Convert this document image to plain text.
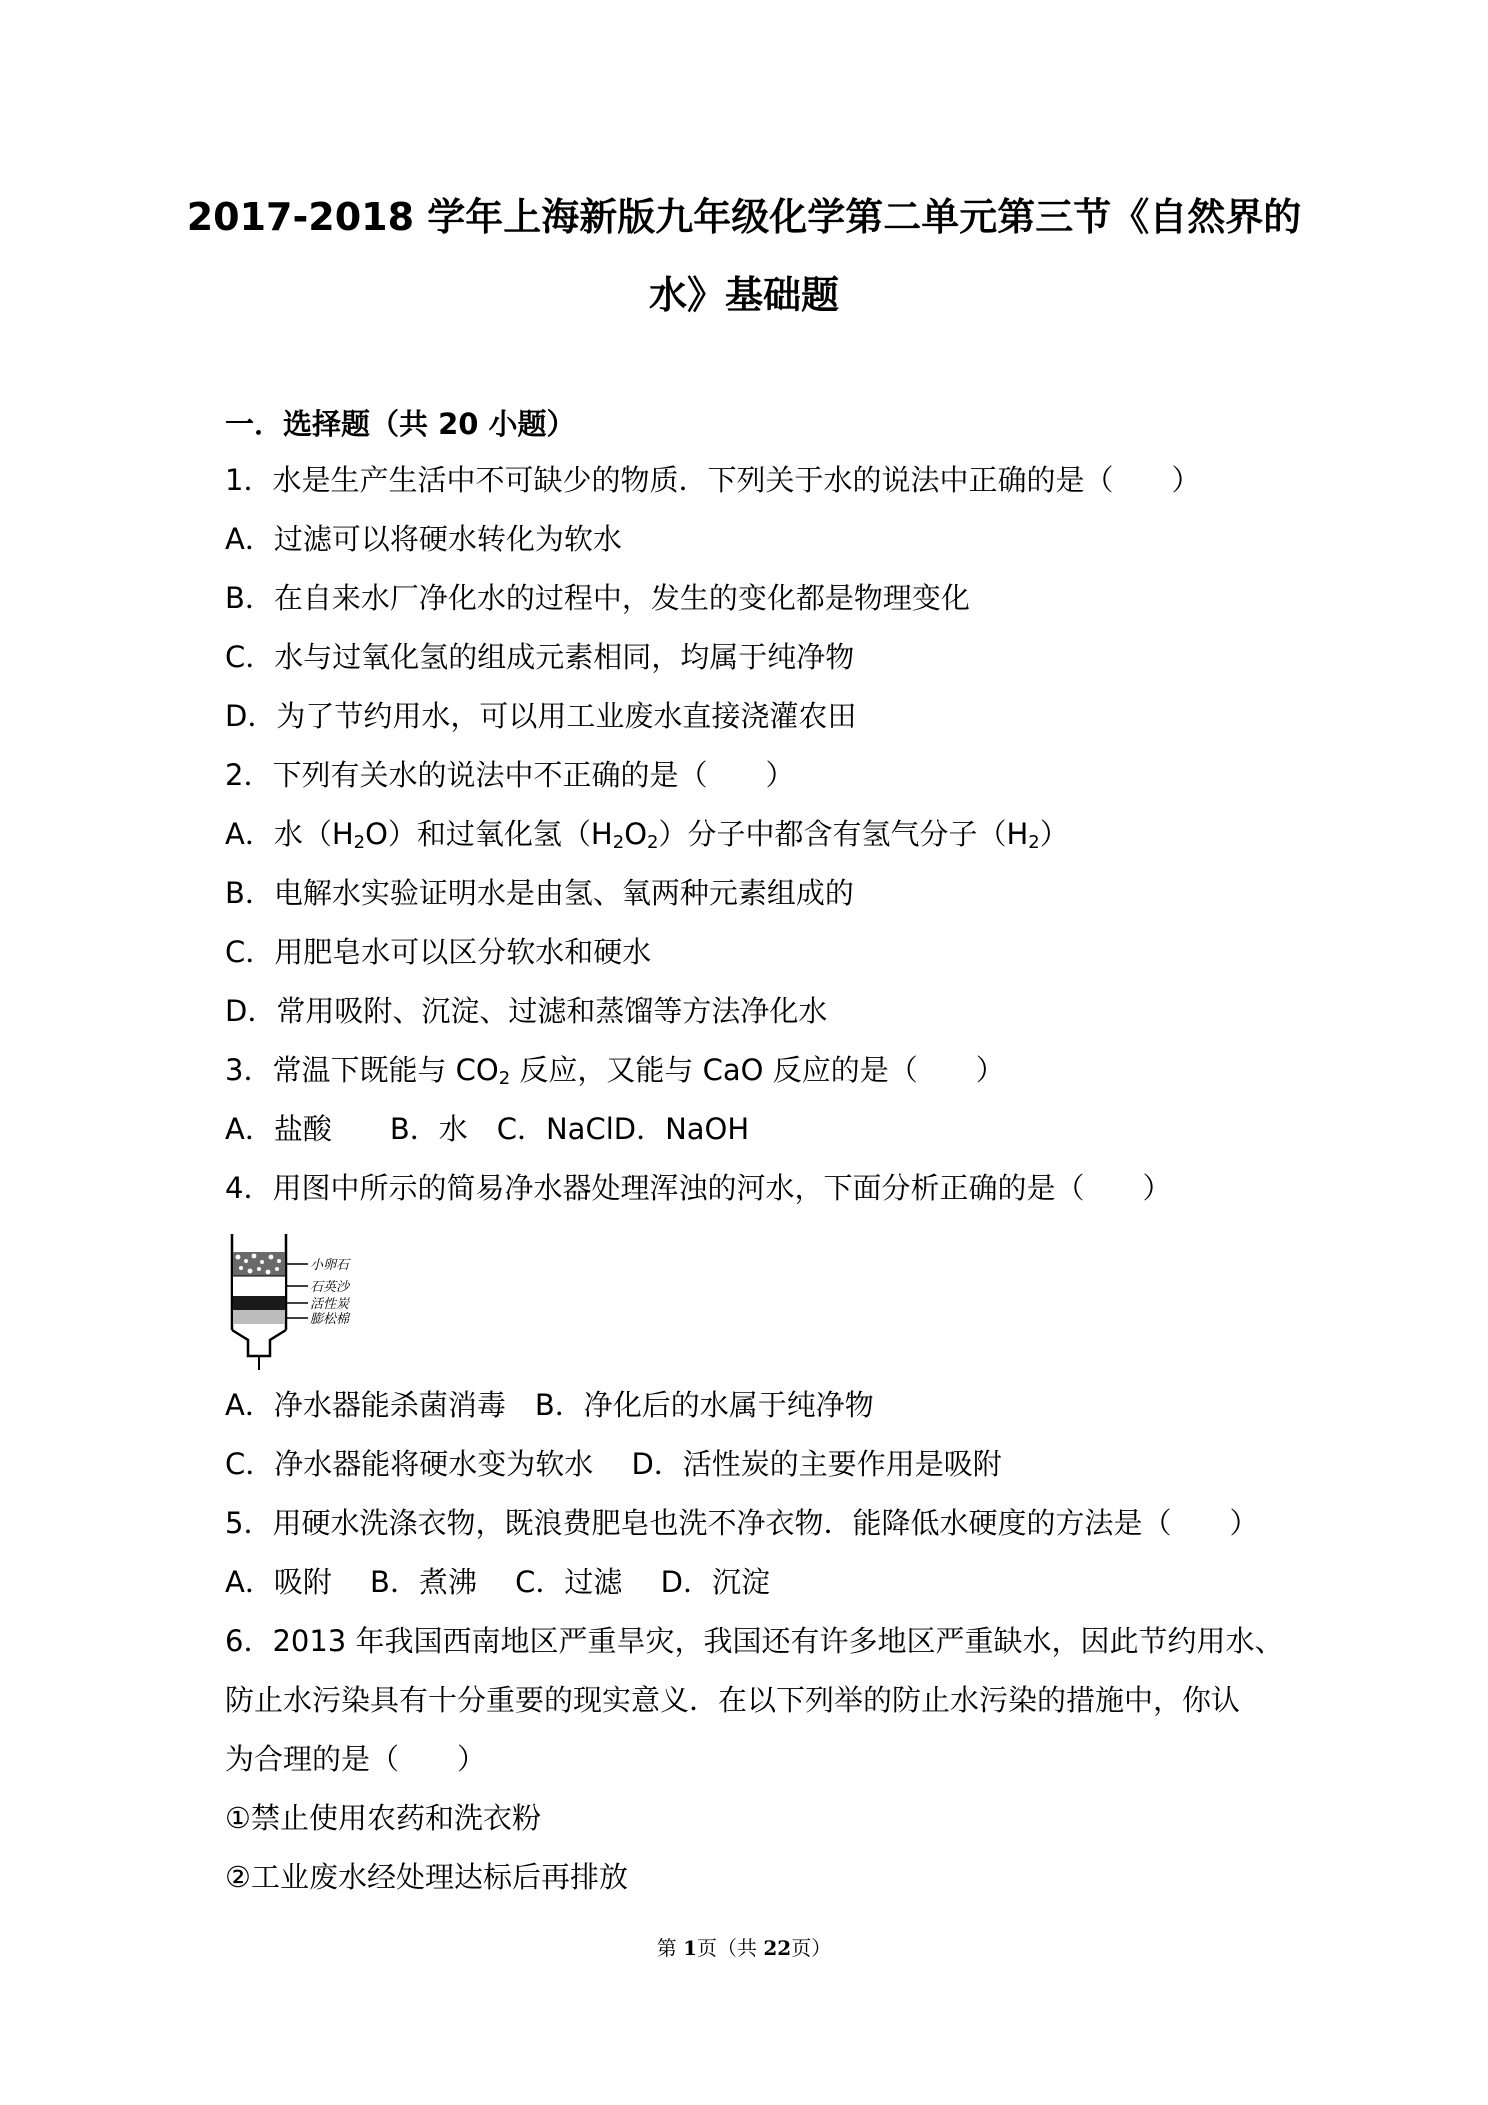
2017-2018 学年上海新版九年级化学第二单元第三节《自然界的
水》基础题
一．选择题（共 20 小题）
1．水是生产生活中不可缺少的物质．下列关于水的说法中正确的是（　　）
A．过滤可以将硬水转化为软水
B．在自来水厂净化水的过程中，发生的变化都是物理变化
C．水与过氧化氢的组成元素相同，均属于纯净物
D．为了节约用水，可以用工业废水直接浇灌农田
2．下列有关水的说法中不正确的是（　　）
A．水$(H_2O)$和过氧化氢$(H_2O_2)$分子中都含有氢气分子$(H_2)$
B．电解水实验证明水是由氢、氧两种元素组成的
C．用肥皂水可以区分软水和硬水
D．常用吸附、沉淀、过滤和蒸馏等方法净化水
3．常温下既能与 $CO_2$ 反应，又能与 CaO 反应的是（　　）
A．盐酸　　B．水　C．NaClD．NaOH
4．用图中所示的简易净水器处理浑浊的河水，下面分析正确的是（　　）
小卵石
石英沙
活性炭
膨松棉
A．净水器能杀菌消毒　B．净化后的水属于纯净物
C．净水器能将硬水变为软水　 D．活性炭的主要作用是吸附
5．用硬水洗涤衣物，既浪费肥皂也洗不净衣物．能降低水硬度的方法是（　　）
A．吸附　 B．煮沸　 C．过滤　 D．沉淀
6．2013 年我国西南地区严重旱灾，我国还有许多地区严重缺水，因此节约用水、
防止水污染具有十分重要的现实意义．在以下列举的防止水污染的措施中，你认
为合理的是（　　）
①禁止使用农药和洗衣粉
②工业废水经处理达标后再排放
第 1页（共 22页）
